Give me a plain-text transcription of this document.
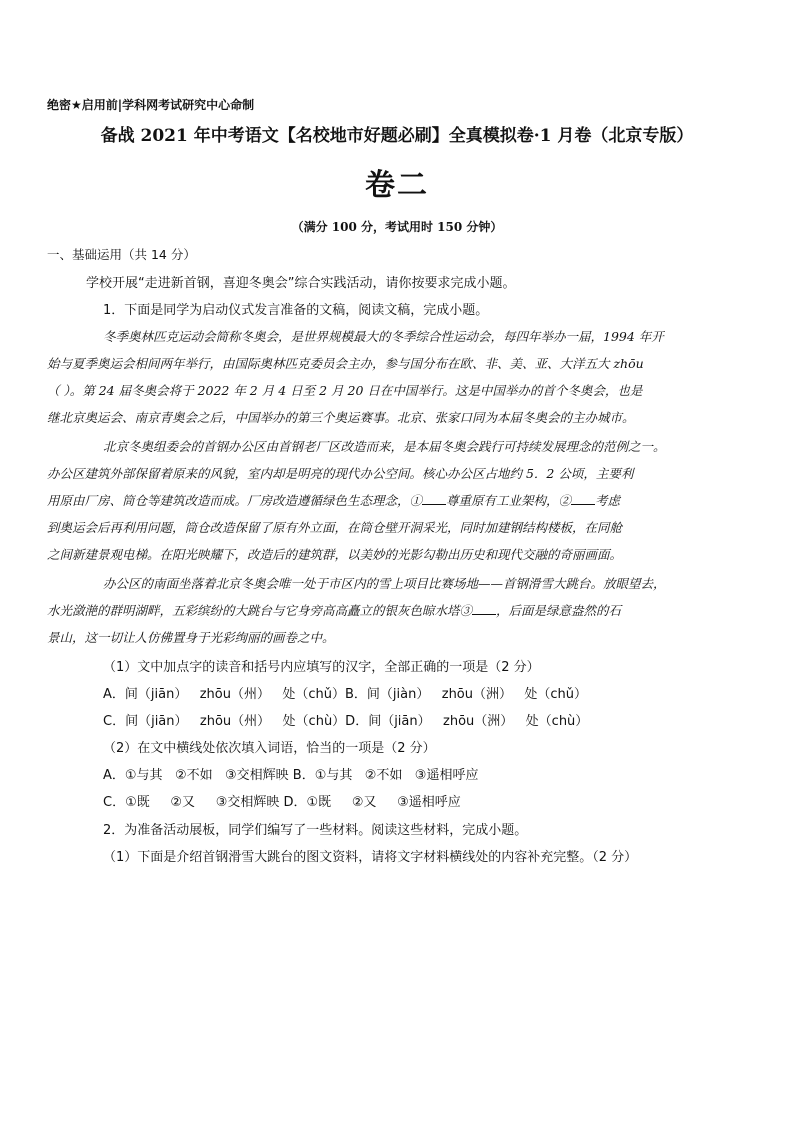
绝密★启用前|学科网考试研究中心命制
备战 2021 年中考语文【名校地市好题必刷】全真模拟卷·1 月卷（北京专版）
卷二
（满分 100 分，考试用时 150 分钟）
一、基础运用（共 14 分）
学校开展“走进新首钢，喜迎冬奥会”综合实践活动，请你按要求完成小题。
1．下面是同学为启动仪式发言准备的文稿，阅读文稿，完成小题。
冬季奥林匹克运动会简称冬奥会，是世界规模最大的冬季综合性运动会，每四年举办一届，1994 年开
始与夏季奥运会相间两年举行，由国际奥林匹克委员会主办，参与国分布在欧、非、美、亚、大洋五大 zhōu
（ ）。第 24 届冬奥会将于 2022 年 2 月 4 日至 2 月 20 日在中国举行。这是中国举办的首个冬奥会，也是
继北京奥运会、南京青奥会之后，中国举办的第三个奥运赛事。北京、张家口同为本届冬奥会的主办城市。
北京冬奥组委会的首钢办公区由首钢老厂区改造而来，是本届冬奥会践行可持续发展理念的范例之一。
办公区建筑外部保留着原来的风貌，室内却是明亮的现代办公空间。核心办公区占地约 5．2 公顷，主要利
用原由厂房、筒仓等建筑改造而成。厂房改造遵循绿色生态理念，① 尊重原有工业架构，② 考虑
到奥运会后再利用问题，筒仓改造保留了原有外立面，在筒仓壁开洞采光，同时加建钢结构楼板，在同舱
之间新建景观电梯。在阳光映耀下，改造后的建筑群，以美妙的光影勾勒出历史和现代交融的奇丽画面。
办公区的南面坐落着北京冬奥会唯一处于市区内的雪上项目比赛场地——首钢滑雪大跳台。放眼望去，
水光潋滟的群明湖畔，五彩缤纷的大跳台与它身旁高高矗立的银灰色晾水塔③ ，后面是绿意盎然的石
景山，这一切让人仿佛置身于光彩绚丽的画卷之中。
（1）文中加点字的读音和括号内应填写的汉字，全部正确的一项是（2 分）
A．间（jiān）   zhōu（州）   处（chǔ）B．间（jiàn）   zhōu（洲）   处（chǔ）
C．间（jiān）   zhōu（州）   处（chù）D．间（jiān）   zhōu（洲）   处（chù）
（2）在文中横线处依次填入词语，恰当的一项是（2 分）
A．①与其   ②不如   ③交相辉映 B．①与其   ②不如   ③遥相呼应
C．①既     ②又     ③交相辉映 D．①既     ②又     ③遥相呼应
2．为准备活动展板，同学们编写了一些材料。阅读这些材料，完成小题。
（1）下面是介绍首钢滑雪大跳台的图文资料，请将文字材料横线处的内容补充完整。（2 分）
